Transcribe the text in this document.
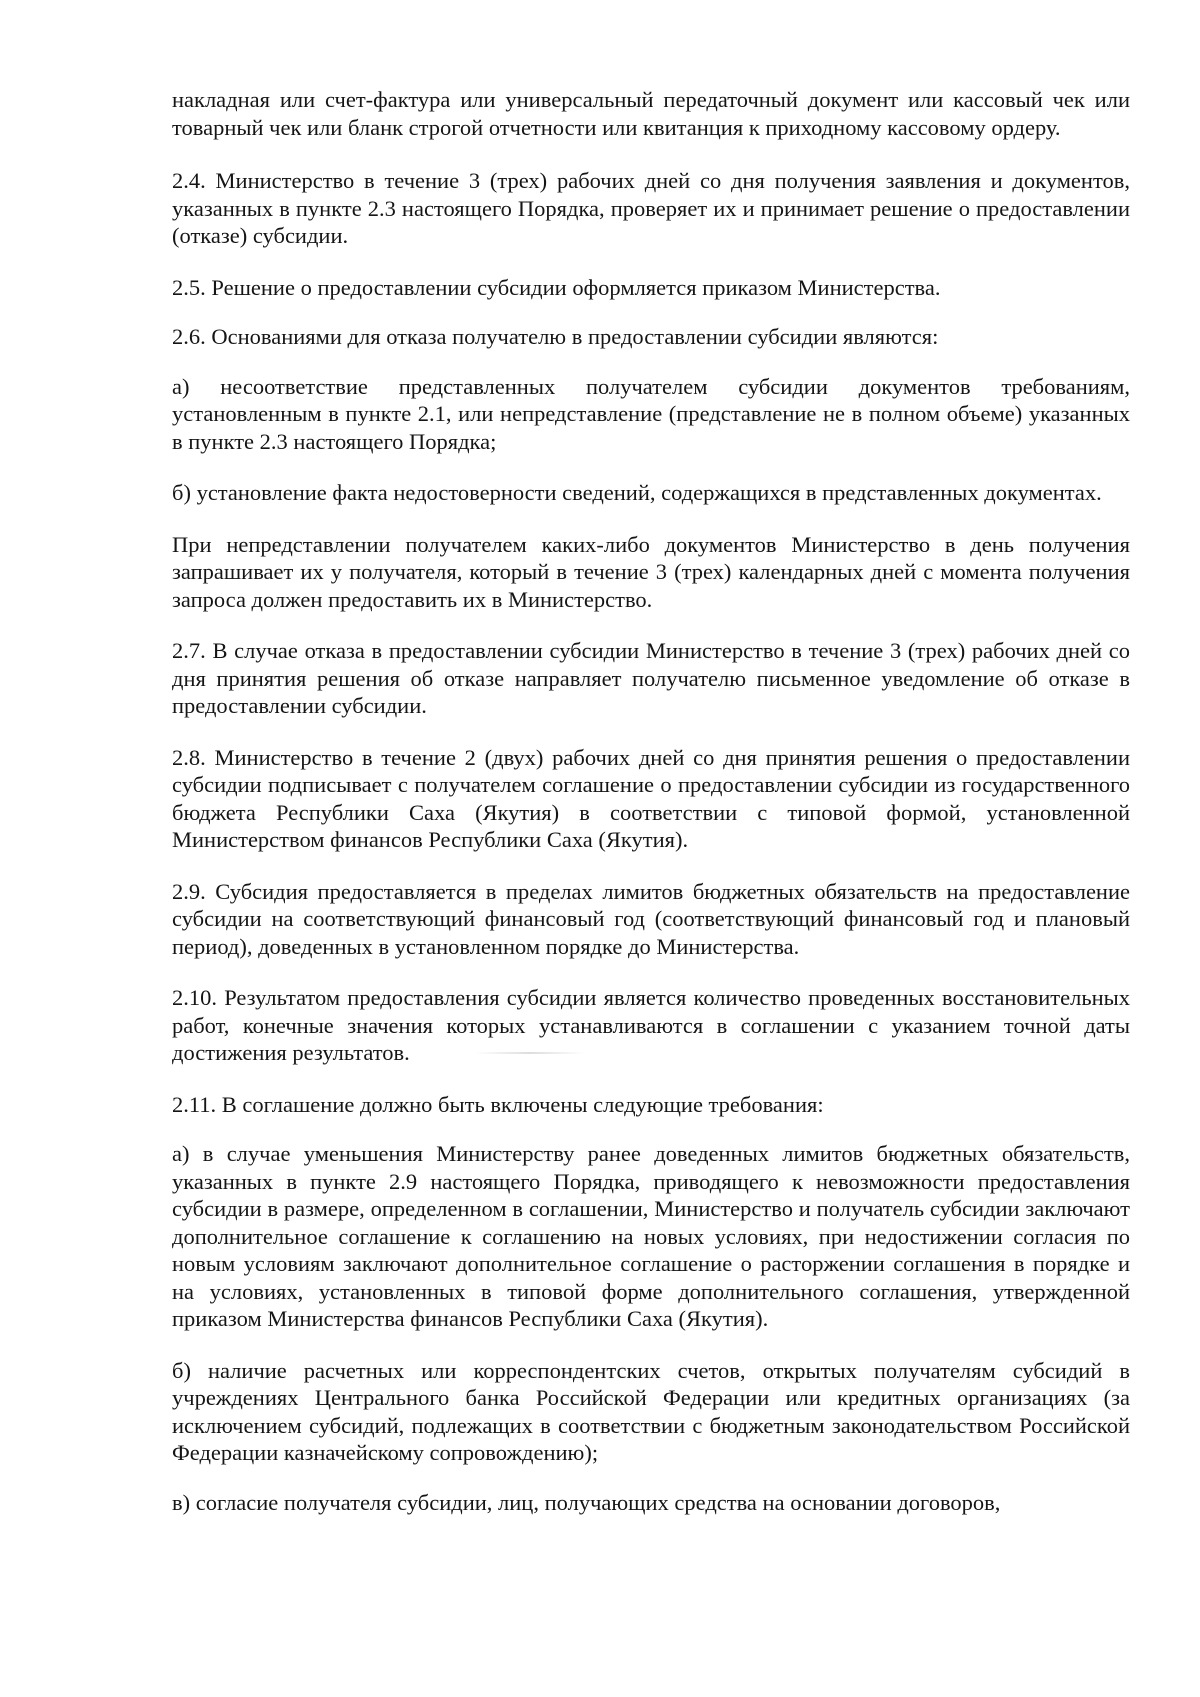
накладная или счет-фактура или универсальный передаточный документ или кассовый чек или товарный чек или бланк строгой отчетности или квитанция к приходному кассовому ордеру.

2.4. Министерство в течение 3 (трех) рабочих дней со дня получения заявления и документов, указанных в пункте 2.3 настоящего Порядка, проверяет их и принимает решение о предоставлении (отказе) субсидии.

2.5. Решение о предоставлении субсидии оформляется приказом Министерства.

2.6. Основаниями для отказа получателю в предоставлении субсидии являются:

а) несоответствие представленных получателем субсидии документов требованиям, установленным в пункте 2.1, или непредставление (представление не в полном объеме) указанных в пункте 2.3 настоящего Порядка;

б) установление факта недостоверности сведений, содержащихся в представленных документах.

При непредставлении получателем каких-либо документов Министерство в день получения запрашивает их у получателя, который в течение 3 (трех) календарных дней с момента получения запроса должен предоставить их в Министерство.

2.7. В случае отказа в предоставлении субсидии Министерство в течение 3 (трех) рабочих дней со дня принятия решения об отказе направляет получателю письменное уведомление об отказе в предоставлении субсидии.

2.8. Министерство в течение 2 (двух) рабочих дней со дня принятия решения о предоставлении субсидии подписывает с получателем соглашение о предоставлении субсидии из государственного бюджета Республики Саха (Якутия) в соответствии с типовой формой, установленной Министерством финансов Республики Саха (Якутия).

2.9. Субсидия предоставляется в пределах лимитов бюджетных обязательств на предоставление субсидии на соответствующий финансовый год (соответствующий финансовый год и плановый период), доведенных в установленном порядке до Министерства.

2.10. Результатом предоставления субсидии является количество проведенных восстановительных работ, конечные значения которых устанавливаются в соглашении с указанием точной даты достижения результатов.

2.11. В соглашение должно быть включены следующие требования:

а) в случае уменьшения Министерству ранее доведенных лимитов бюджетных обязательств, указанных в пункте 2.9 настоящего Порядка, приводящего к невозможности предоставления субсидии в размере, определенном в соглашении, Министерство и получатель субсидии заключают дополнительное соглашение к соглашению на новых условиях, при недостижении согласия по новым условиям заключают дополнительное соглашение о расторжении соглашения в порядке и на условиях, установленных в типовой форме дополнительного соглашения, утвержденной приказом Министерства финансов Республики Саха (Якутия).

б) наличие расчетных или корреспондентских счетов, открытых получателям субсидий в учреждениях Центрального банка Российской Федерации или кредитных организациях (за исключением субсидий, подлежащих в соответствии с бюджетным законодательством Российской Федерации казначейскому сопровождению);

в) согласие получателя субсидии, лиц, получающих средства на основании договоров,
